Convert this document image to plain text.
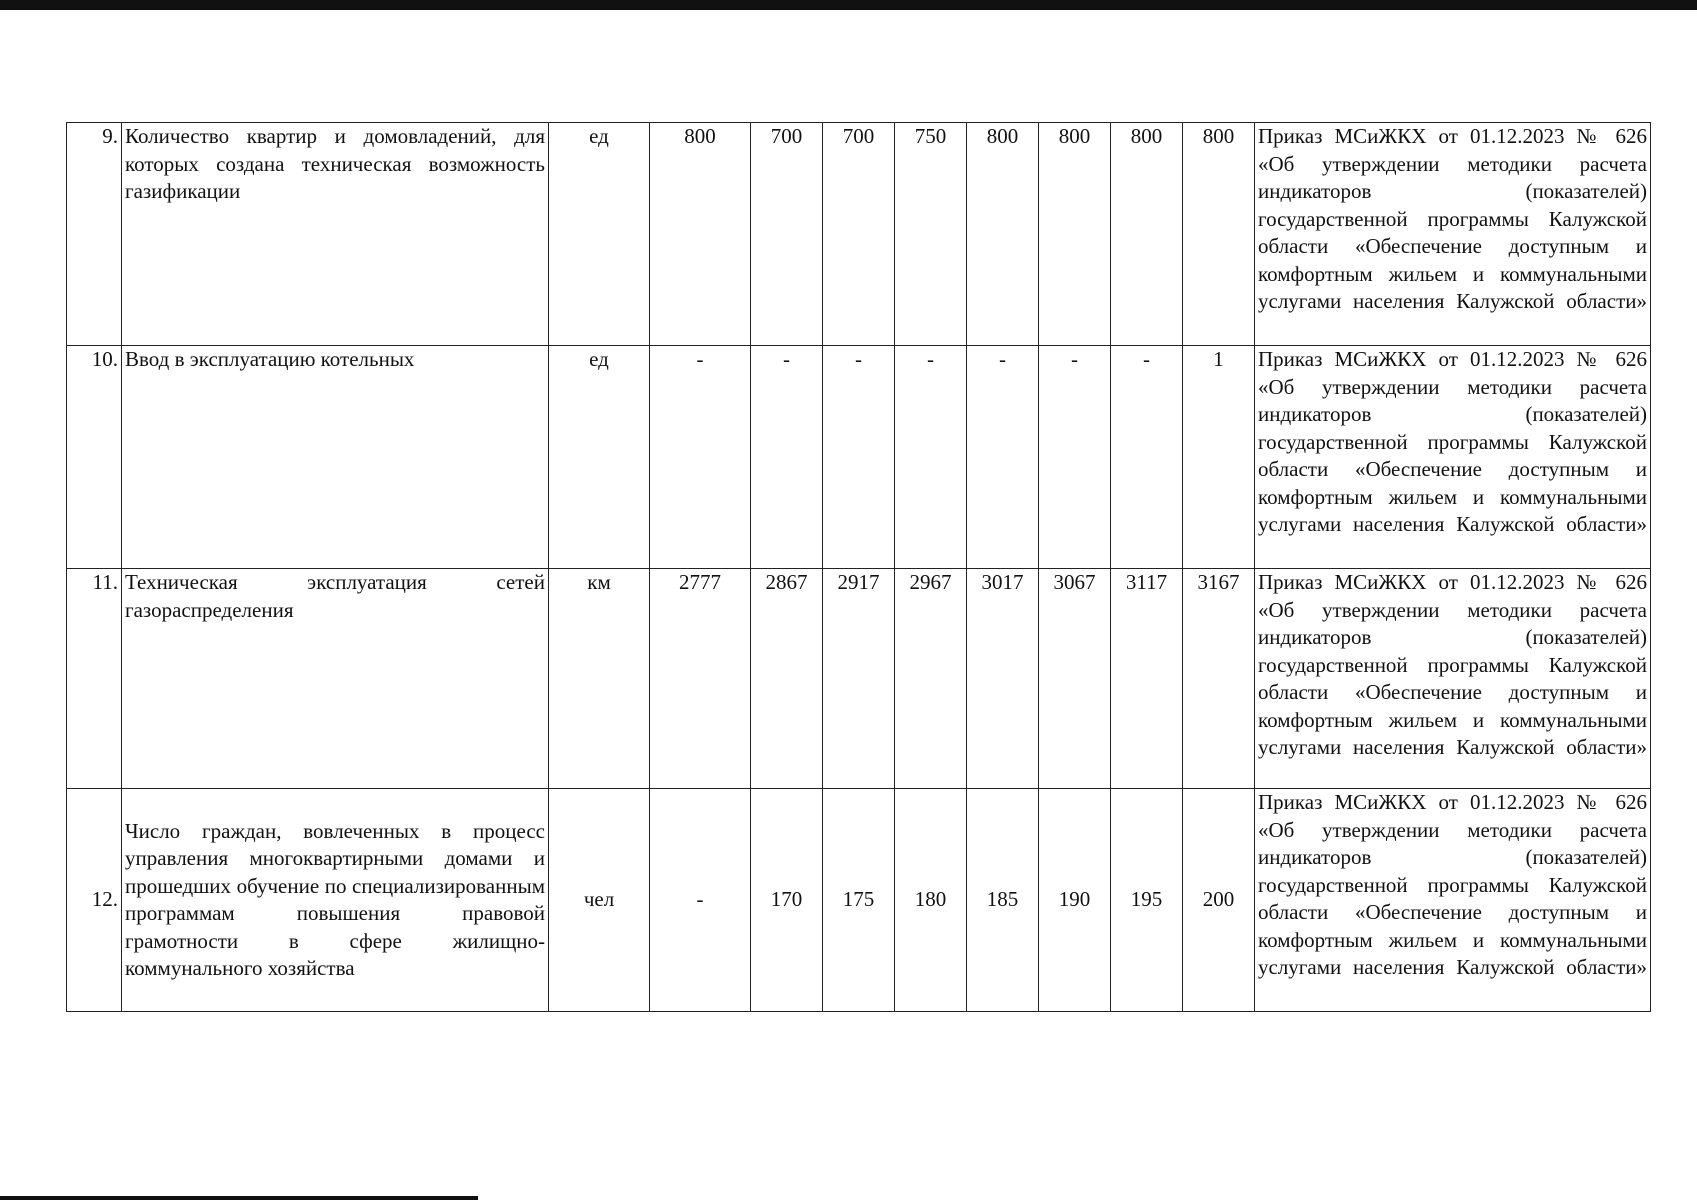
9.	Количество квартир и домовладений, для которых создана техническая возможность газификации	ед	800	700	700	750	800	800	800	800	Приказ МСиЖКХ от 01.12.2023 № 626 «Об утверждении методики расчета индикаторов (показателей) государственной программы Калужской области «Обеспечение доступным и комфортным жильем и коммунальными услугами населения Калужской области»
10.	Ввод в эксплуатацию котельных	ед	-	-	-	-	-	-	-	1	Приказ МСиЖКХ от 01.12.2023 № 626 «Об утверждении методики расчета индикаторов (показателей) государственной программы Калужской области «Обеспечение доступным и комфортным жильем и коммунальными услугами населения Калужской области»
11.	Техническая эксплуатация сетей газораспределения	км	2777	2867	2917	2967	3017	3067	3117	3167	Приказ МСиЖКХ от 01.12.2023 № 626 «Об утверждении методики расчета индикаторов (показателей) государственной программы Калужской области «Обеспечение доступным и комфортным жильем и коммунальными услугами населения Калужской области»
12.	Число граждан, вовлеченных в процесс управления многоквартирными домами и прошедших обучение по специализированным программам повышения правовой грамотности в сфере жилищно-коммунального хозяйства	чел	-	170	175	180	185	190	195	200	Приказ МСиЖКХ от 01.12.2023 № 626 «Об утверждении методики расчета индикаторов (показателей) государственной программы Калужской области «Обеспечение доступным и комфортным жильем и коммунальными услугами населения Калужской области»
